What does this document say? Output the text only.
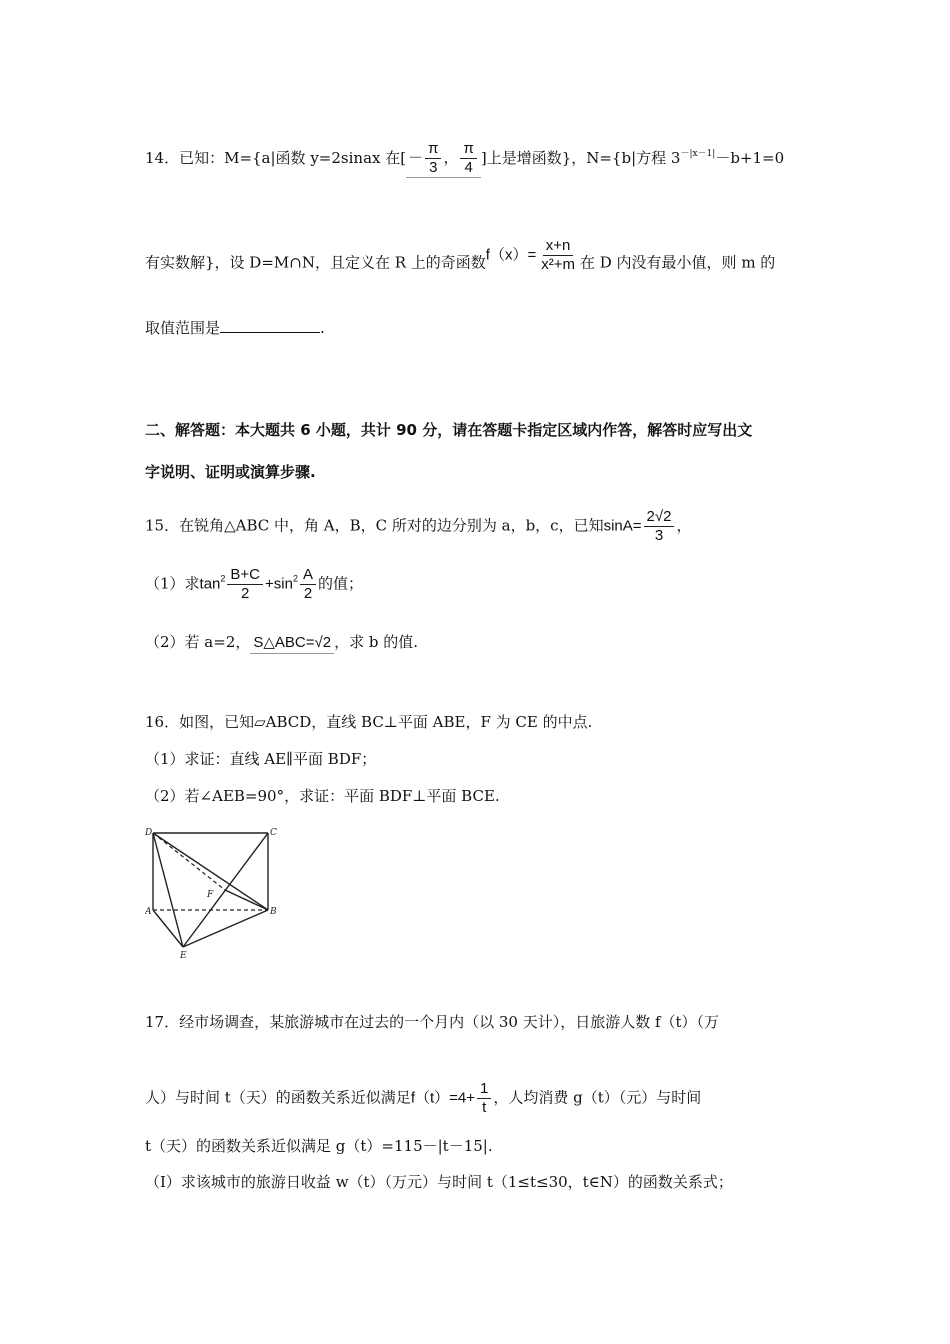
14．已知：M={a|函数 y=2sinax 在[ － $\frac{\pi}{3}$ ， $\frac{\pi}{4}$ ]上是增函数}，N={b|方程 $3^{-|x-1|}-b+1=0$
有实数解}，设 D=M∩N，且定义在 R 上的奇函数$f(x)= \frac{x+n}{\text{x²+m}}$ 在 D 内没有最小值，则 m 的
取值范围是	.
二、解答题：本大题共 6 小题，共计 90 分，请在答题卡指定区域内作答，解答时应写出文
字说明、证明或演算步骤.
15．在锐角△ABC 中，角 A，B，C 所对的边分别为 a，b，c，已知$\sin A= \frac{2√2}{3}$ ，
（1）求$\tan^2 \frac{B+C}{2} +\sin^2 \frac{A}{2}$ 的值；
（2）若 a=2， S△ABC=√2 ，求 b 的值.
16．如图，已知▱ABCD，直线 BC⊥平面 ABE，F 为 CE 的中点.
（1）求证：直线 AE∥平面 BDF；
（2）若∠AEB=90°，求证：平面 BDF⊥平面 BCE.
D	C
A	B
E
F
17．经市场调查，某旅游城市在过去的一个月内（以 30 天计），日旅游人数 f（t）（万
人）与时间 t（天）的函数关系近似满足$f(t)=4+ \frac{1}{t}$ ，人均消费 g（t）（元）与时间
t（天）的函数关系近似满足 g（t）=115－|t－15|.
（Ⅰ）求该城市的旅游日收益 w（t）（万元）与时间 t（1≤t≤30，t∈N）的函数关系式；
